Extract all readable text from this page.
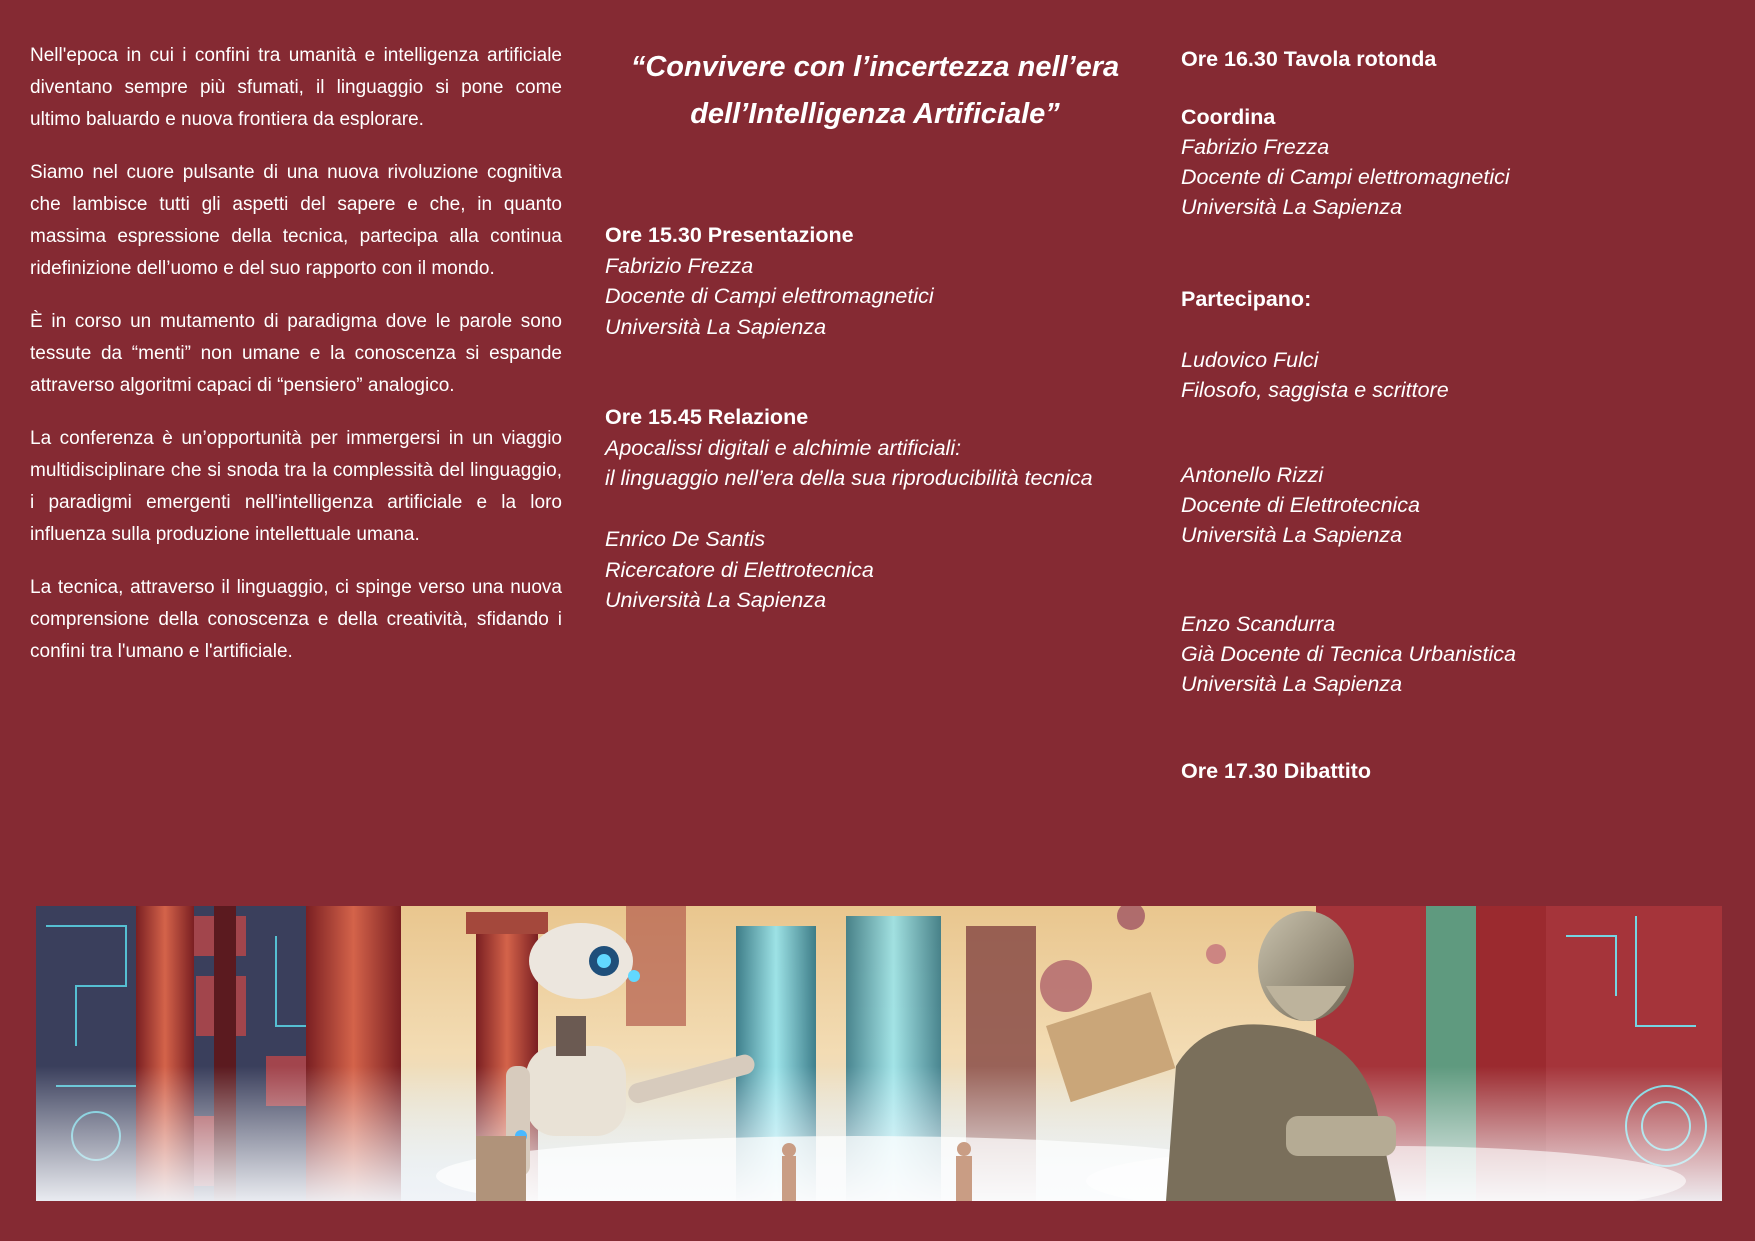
Nell'epoca in cui i confini tra umanità e intelligenza artificiale diventano sempre più sfumati, il linguaggio si pone come ultimo baluardo e nuova frontiera da esplorare.

Siamo nel cuore pulsante di una nuova rivoluzione cognitiva che lambisce tutti gli aspetti del sapere e che, in quanto massima espressione della tecnica, partecipa alla continua ridefinizione dell’uomo e del suo rapporto con il mondo.

È in corso un mutamento di paradigma dove le parole sono tessute da “menti” non umane e la conoscenza si espande attraverso algoritmi capaci di “pensiero” analogico.

La conferenza è un’opportunità per immergersi in un viaggio multidisciplinare che si snoda tra la complessità del linguaggio, i paradigmi emergenti nell'intelligenza artificiale e la loro influenza sulla produzione intellettuale umana.

La tecnica, attraverso il linguaggio, ci spinge verso una nuova comprensione della conoscenza e della creatività, sfidando i confini tra l'umano e l'artificiale.

“Convivere con l’incertezza nell’era
dell’Intelligenza Artificiale”
Ore 15.30 Presentazione
Fabrizio Frezza
Docente di Campi elettromagnetici
Università La Sapienza
Ore 15.45 Relazione
Apocalissi digitali e alchimie artificiali:
il linguaggio nell’era della sua riproducibilità tecnica
Enrico De Santis
Ricercatore di Elettrotecnica
Università La Sapienza
Ore 16.30 Tavola rotonda
Coordina
Fabrizio Frezza
Docente di Campi elettromagnetici
Università La Sapienza
Partecipano:
Ludovico Fulci
Filosofo, saggista e scrittore
Antonello Rizzi
Docente di Elettrotecnica
Università La Sapienza
Enzo Scandurra
Già Docente di Tecnica Urbanistica
Università La Sapienza
Ore 17.30 Dibattito
